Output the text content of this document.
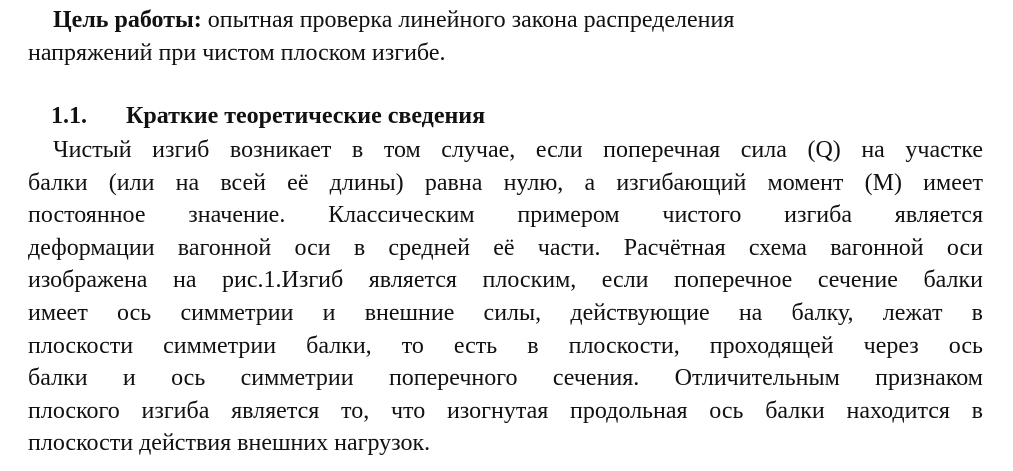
Цель работы: опытная проверка линейного закона распределения
напряжений при чистом плоском изгибе.
1.1. Краткие теоретические сведения
Чистый изгиб возникает в том случае, если поперечная сила (Q) на участке
балки (или на всей её длины) равна нулю, а изгибающий момент (М) имеет
постоянное значение. Классическим примером чистого изгиба является
деформации вагонной оси в средней её части. Расчётная схема вагонной оси
изображена на рис.1.Изгиб является плоским, если поперечное сечение балки
имеет ось симметрии и внешние силы, действующие на балку, лежат в
плоскости симметрии балки, то есть в плоскости, проходящей через ось
балки и ось симметрии поперечного сечения. Отличительным признаком
плоского изгиба является то, что изогнутая продольная ось балки находится в
плоскости действия внешних нагрузок.
